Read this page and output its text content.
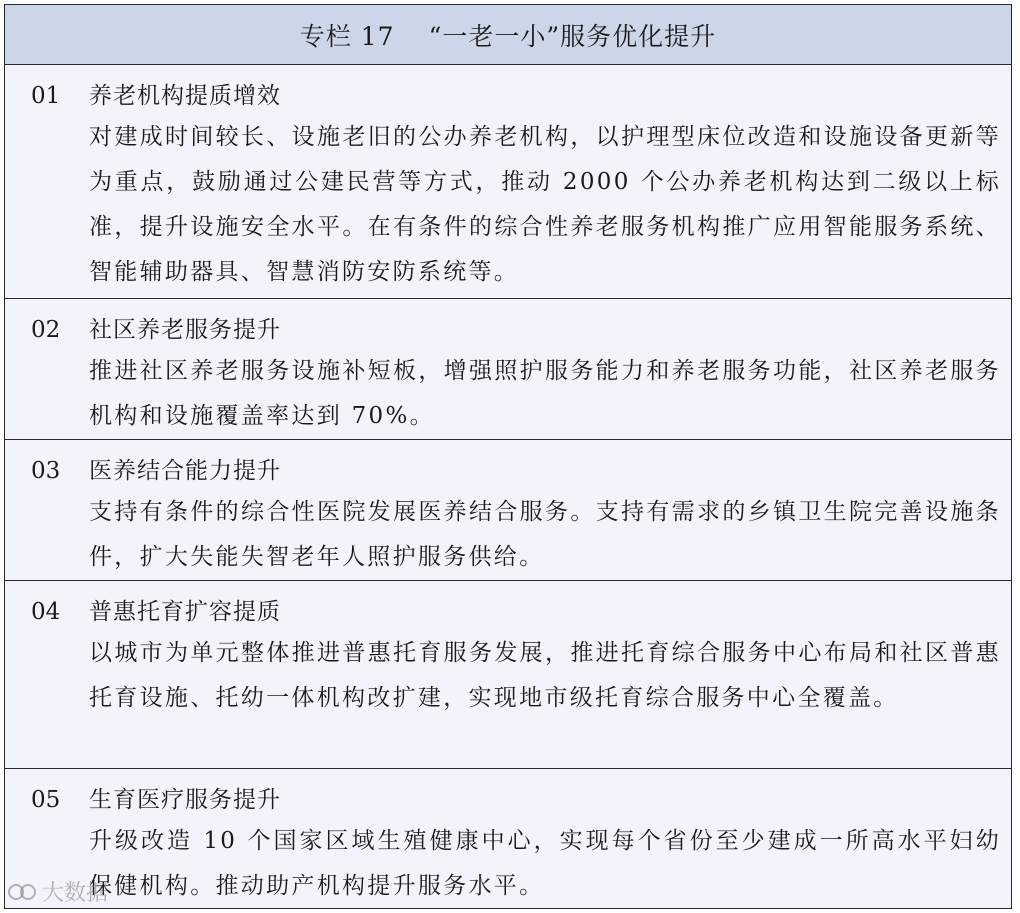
专栏 17 “一老一小”服务优化提升
01 养老机构提质增效
对建成时间较长、设施老旧的公办养老机构，以护理型床位改造和设施设备更新等为重点，鼓励通过公建民营等方式，推动 2000 个公办养老机构达到二级以上标准，提升设施安全水平。在有条件的综合性养老服务机构推广应用智能服务系统、智能辅助器具、智慧消防安防系统等。
02 社区养老服务提升
推进社区养老服务设施补短板，增强照护服务能力和养老服务功能，社区养老服务机构和设施覆盖率达到 70%。
03 医养结合能力提升
支持有条件的综合性医院发展医养结合服务。支持有需求的乡镇卫生院完善设施条件，扩大失能失智老年人照护服务供给。
04 普惠托育扩容提质
以城市为单元整体推进普惠托育服务发展，推进托育综合服务中心布局和社区普惠托育设施、托幼一体机构改扩建，实现地市级托育综合服务中心全覆盖。
05 生育医疗服务提升
升级改造 10 个国家区域生殖健康中心，实现每个省份至少建成一所高水平妇幼保健机构。推动助产机构提升服务水平。
大数据
